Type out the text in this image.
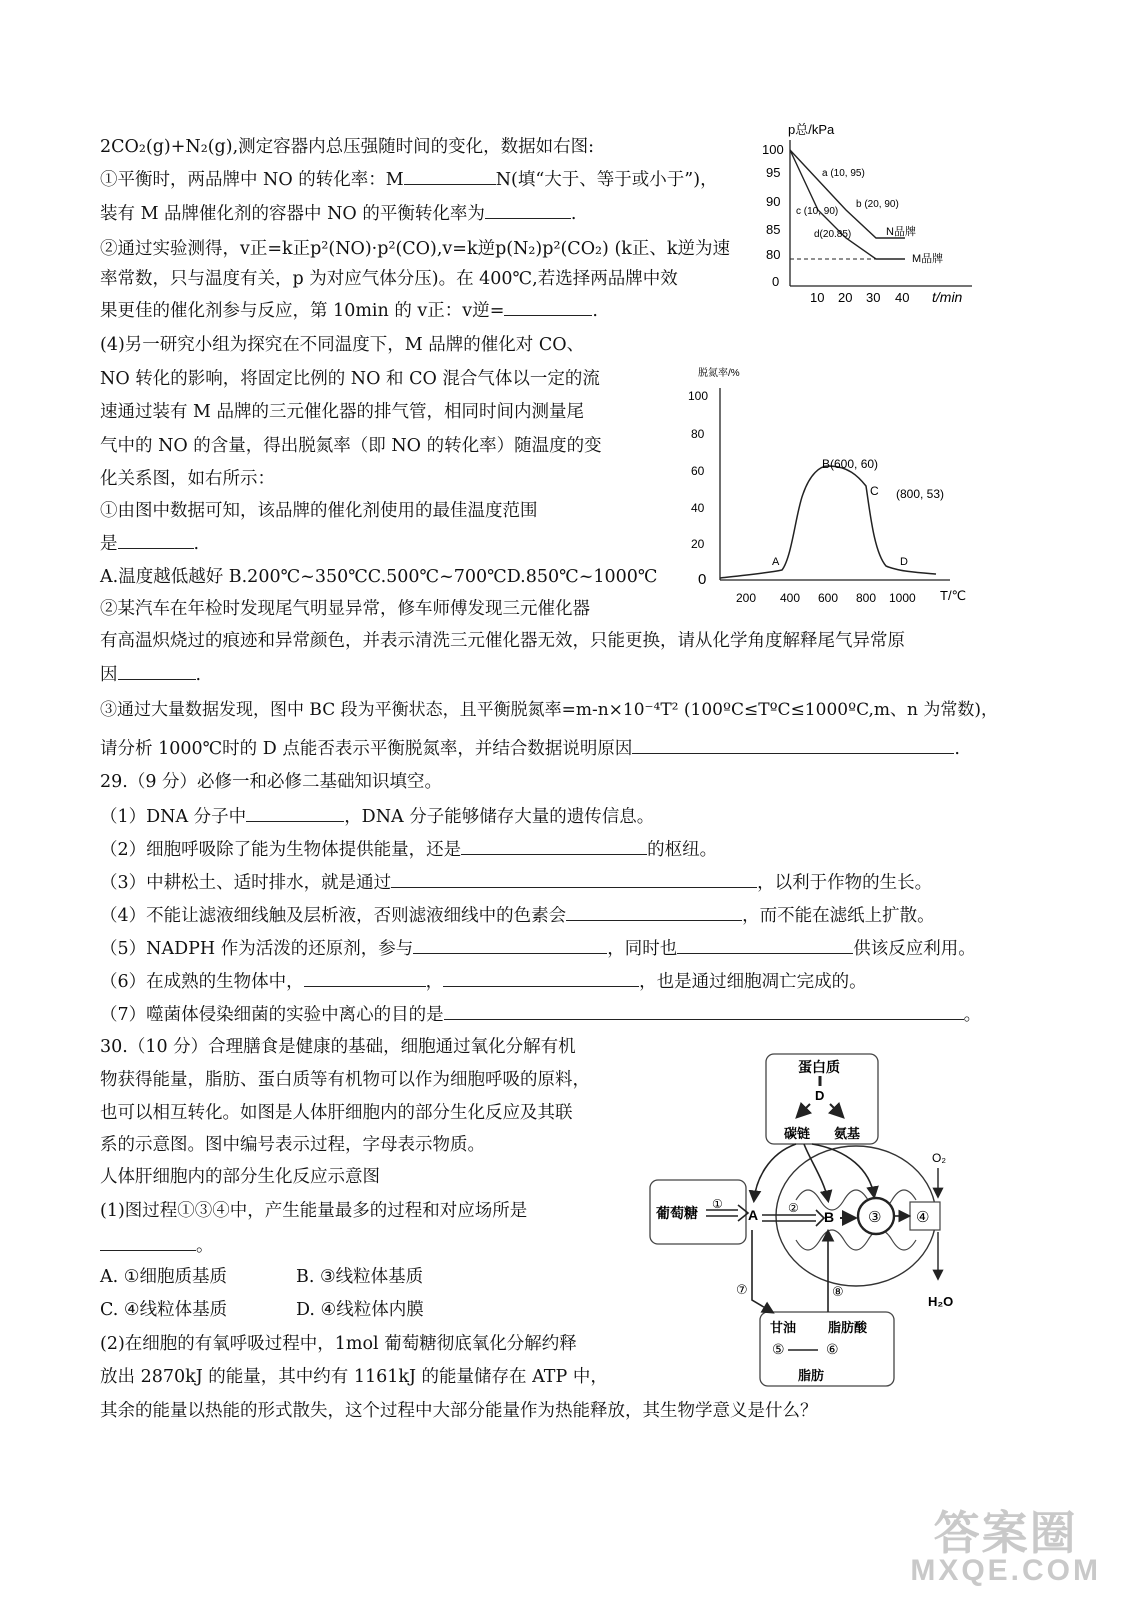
2CO₂(g)+N₂(g),测定容器内总压强随时间的变化，数据如右图:
①平衡时，两品牌中 NO 的转化率：M	N(填“大于、等于或小于”)，
装有 M 品牌催化剂的容器中 NO 的平衡转化率为	.
②通过实验测得，v正=k正p²(NO)·p²(CO),v=k逆p(N₂)p²(CO₂) (k正、k逆为速
率常数，只与温度有关，p 为对应气体分压)。在 400℃,若选择两品牌中效
果更佳的催化剂参与反应，第 10min 的 v正：v逆=	.
(4)另一研究小组为探究在不同温度下，M 品牌的催化对 CO、
NO 转化的影响，将固定比例的 NO 和 CO 混合气体以一定的流
速通过装有 M 品牌的三元催化器的排气管，相同时间内测量尾
气中的 NO 的含量，得出脱氮率（即 NO 的转化率）随温度的变
化关系图，如右所示：
①由图中数据可知，该品牌的催化剂使用的最佳温度范围
是	.
A.温度越低越好 B.200℃~350℃C.500℃~700℃D.850℃~1000℃
②某汽车在年检时发现尾气明显异常，修车师傅发现三元催化器
有高温炽烧过的痕迹和异常颜色，并表示清洗三元催化器无效，只能更换，请从化学角度解释尾气异常原
因	.
③通过大量数据发现，图中 BC 段为平衡状态，且平衡脱氮率=m-n×10⁻⁴T² (100ºC≤TºC≤1000ºC,m、n 为常数)，
请分析 1000℃时的 D 点能否表示平衡脱氮率，并结合数据说明原因	.
29.（9 分）必修一和必修二基础知识填空。
（1）DNA 分子中	，DNA 分子能够储存大量的遗传信息。
（2）细胞呼吸除了能为生物体提供能量，还是	的枢纽。
（3）中耕松土、适时排水，就是通过	，以利于作物的生长。
（4）不能让滤液细线触及层析液，否则滤液细线中的色素会	，而不能在滤纸上扩散。
（5）NADPH 作为活泼的还原剂，参与	，同时也	供该反应利用。
（6）在成熟的生物体中，	，	，也是通过细胞凋亡完成的。
（7）噬菌体侵染细菌的实验中离心的目的是	。
30.（10 分）合理膳食是健康的基础，细胞通过氧化分解有机
物获得能量，脂肪、蛋白质等有机物可以作为细胞呼吸的原料，
也可以相互转化。如图是人体肝细胞内的部分生化反应及其联
系的示意图。图中编号表示过程，字母表示物质。
人体肝细胞内的部分生化反应示意图
(1)图过程①③④中，产生能量最多的过程和对应场所是
。
A. ①细胞质基质	B. ③线粒体基质
C. ④线粒体基质	D. ④线粒体内膜
(2)在细胞的有氧呼吸过程中，1mol 葡萄糖彻底氧化分解约释
放出 2870kJ 的能量，其中约有 1161kJ 的能量储存在 ATP 中，
其余的能量以热能的形式散失，这个过程中大部分能量作为热能释放，其生物学意义是什么？
p总/kPa
100
95
90
85
80
0
10 20 30 40 t/min
a (10, 95)
b (20, 90)
c (10, 90)
d(20.85)	N品牌
M品牌
脱氮率/%
100
80
60
40
20
0
200 400 600 800 1000 T/℃
A
B(600, 60)
C (800, 53)
D
蛋白质
D
碳链 氨基
葡萄糖
①
A ②
B ③ ④
O₂
H₂O
甘油 脂肪酸
⑤	⑥
脂肪
⑦	⑧
答案圈
MXQE.COM
